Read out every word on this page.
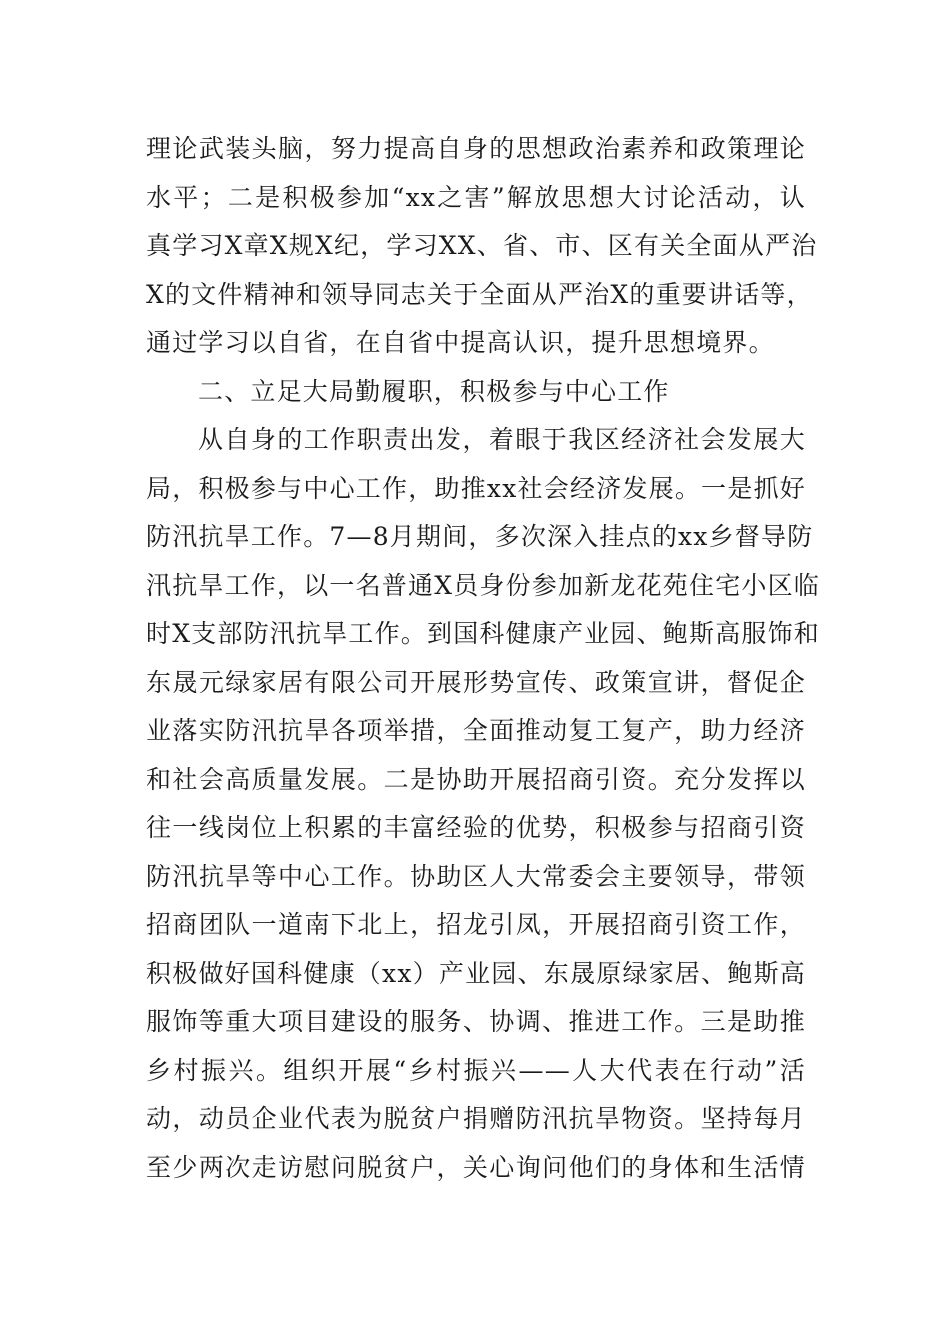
理论武装头脑，努力提高自身的思想政治素养和政策理论
水平；二是积极参加“xx之害”解放思想大讨论活动，认
真学习X章X规X纪，学习XX、省、市、区有关全面从严治
X的文件精神和领导同志关于全面从严治X的重要讲话等，
通过学习以自省，在自省中提高认识，提升思想境界。
二、立足大局勤履职，积极参与中心工作
从自身的工作职责出发，着眼于我区经济社会发展大
局，积极参与中心工作，助推xx社会经济发展。一是抓好
防汛抗旱工作。7—8月期间，多次深入挂点的xx乡督导防
汛抗旱工作，以一名普通X员身份参加新龙花苑住宅小区临
时X支部防汛抗旱工作。到国科健康产业园、鲍斯高服饰和
东晟元绿家居有限公司开展形势宣传、政策宣讲，督促企
业落实防汛抗旱各项举措，全面推动复工复产，助力经济
和社会高质量发展。二是协助开展招商引资。充分发挥以
往一线岗位上积累的丰富经验的优势，积极参与招商引资
防汛抗旱等中心工作。协助区人大常委会主要领导，带领
招商团队一道南下北上，招龙引凤，开展招商引资工作，
积极做好国科健康（xx）产业园、东晟原绿家居、鲍斯高
服饰等重大项目建设的服务、协调、推进工作。三是助推
乡村振兴。组织开展“乡村振兴——人大代表在行动”活
动，动员企业代表为脱贫户捐赠防汛抗旱物资。坚持每月
至少两次走访慰问脱贫户，关心询问他们的身体和生活情
